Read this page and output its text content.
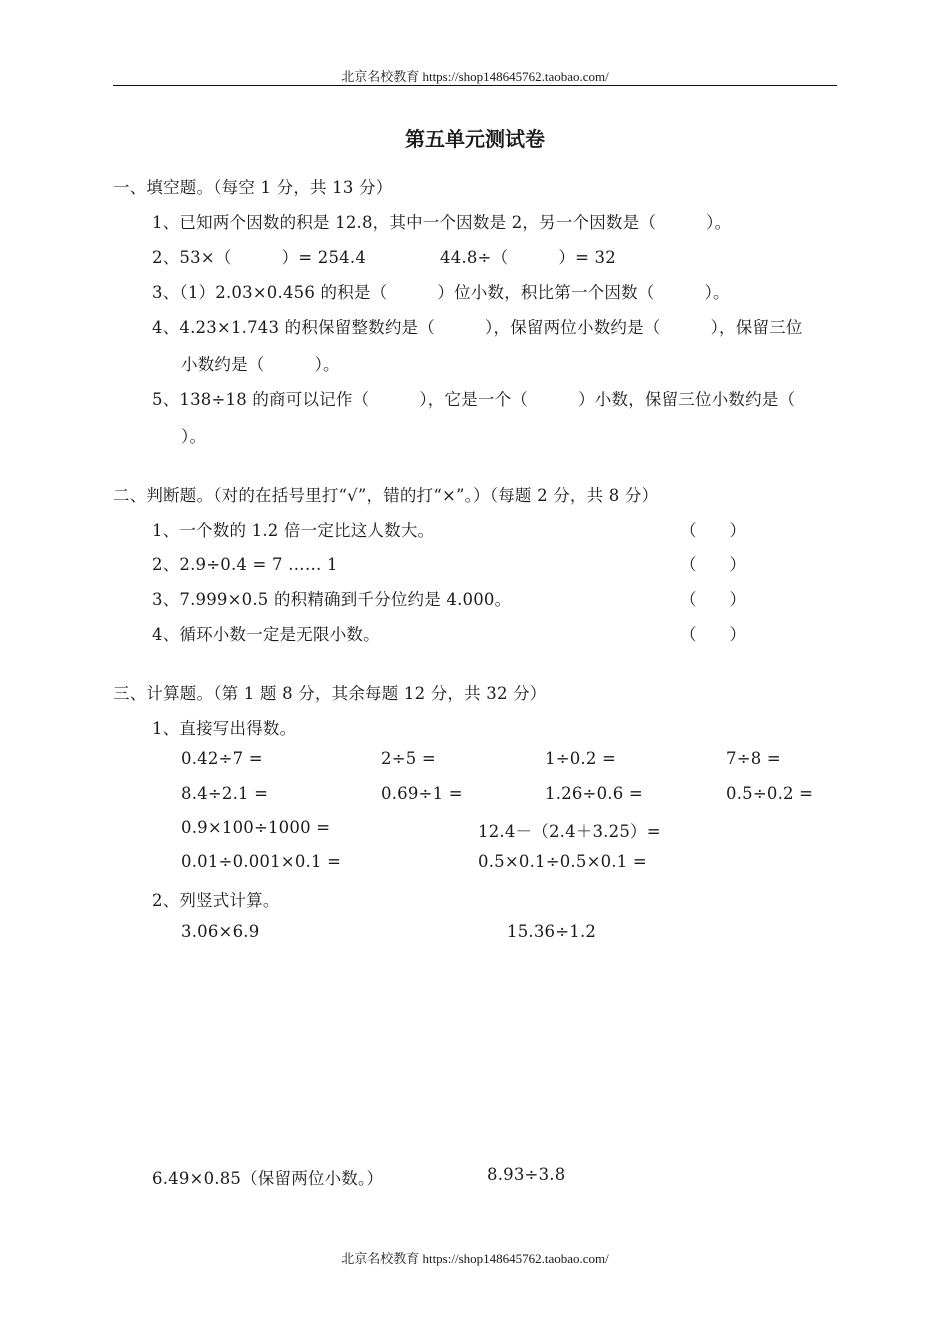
北京名校教育 https://shop148645762.taobao.com/
第五单元测试卷
一、填空题。（每空 1 分，共 13 分）
1、已知两个因数的积是 12.8，其中一个因数是 2，另一个因数是（　　　）。
2、53×（　　　）= 254.4	44.8÷（　　　）= 32
3、（1）2.03×0.456 的积是（　　　）位小数，积比第一个因数（　　　）。
4、4.23×1.743 的积保留整数约是（　　　），保留两位小数约是（　　　），保留三位
小数约是（　　　）。
5、138÷18 的商可以记作（　　　），它是一个（　　　）小数，保留三位小数约是（
）。
二、判断题。（对的在括号里打“√”，错的打“×”。）（每题 2 分，共 8 分）
1、一个数的 1.2 倍一定比这人数大。	（　　）
2、2.9÷0.4 = 7 …… 1	（　　）
3、7.999×0.5 的积精确到千分位约是 4.000。	（　　）
4、循环小数一定是无限小数。	（　　）
三、计算题。（第 1 题 8 分，其余每题 12 分，共 32 分）
1、直接写出得数。
0.42÷7 =	2÷5 =	1÷0.2 =	7÷8 =
8.4÷2.1 =	0.69÷1 =	1.26÷0.6 =	0.5÷0.2 =
0.9×100÷1000 =	12.4－（2.4＋3.25）=
0.01÷0.001×0.1 =	0.5×0.1÷0.5×0.1 =
2、列竖式计算。
3.06×6.9	15.36÷1.2
6.49×0.85（保留两位小数。）	8.93÷3.8
北京名校教育 https://shop148645762.taobao.com/
